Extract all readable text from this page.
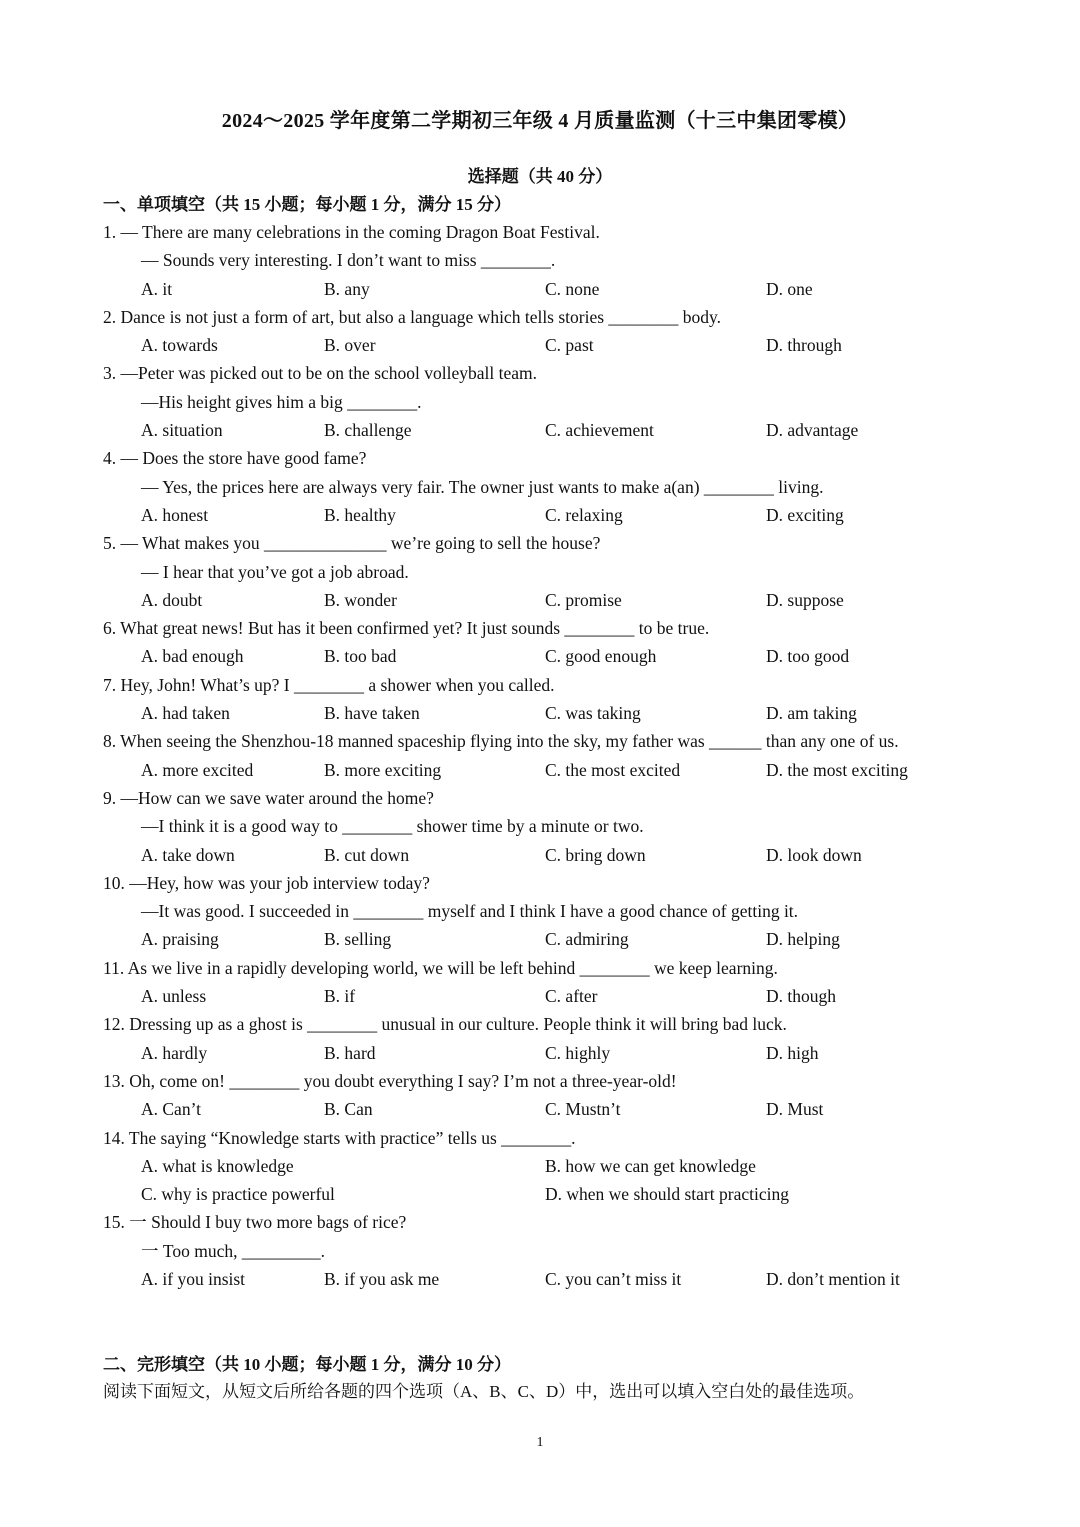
2024～2025 学年度第二学期初三年级 4 月质量监测（十三中集团零模）
选择题（共 40 分）
一、单项填空（共 15 小题；每小题 1 分，满分 15 分）
1. — There are many celebrations in the coming Dragon Boat Festival.
— Sounds very interesting. I don’t want to miss ________.
A. it	B. any	C. none	D. one
2. Dance is not just a form of art, but also a language which tells stories ________ body.
A. towards	B. over	C. past	D. through
3. —Peter was picked out to be on the school volleyball team.
—His height gives him a big ________.
A. situation	B. challenge	C. achievement	D. advantage
4. — Does the store have good fame?
— Yes, the prices here are always very fair. The owner just wants to make a(an) ________ living.
A. honest	B. healthy	C. relaxing	D. exciting
5. — What makes you ______________ we’re going to sell the house?
— I hear that you’ve got a job abroad.
A. doubt	B. wonder	C. promise	D. suppose
6. What great news! But has it been confirmed yet? It just sounds ________ to be true.
A. bad enough	B. too bad	C. good enough	D. too good
7. Hey, John! What’s up? I ________ a shower when you called.
A. had taken	B. have taken	C. was taking	D. am taking
8. When seeing the Shenzhou-18 manned spaceship flying into the sky, my father was ______ than any one of us.
A. more excited	B. more exciting	C. the most excited	D. the most exciting
9. —How can we save water around the home?
—I think it is a good way to ________ shower time by a minute or two.
A. take down	B. cut down	C. bring down	D. look down
10. —Hey, how was your job interview today?
—It was good. I succeeded in ________ myself and I think I have a good chance of getting it.
A. praising	B. selling	C. admiring	D. helping
11. As we live in a rapidly developing world, we will be left behind ________ we keep learning.
A. unless	B. if	C. after	D. though
12. Dressing up as a ghost is ________ unusual in our culture. People think it will bring bad luck.
A. hardly	B. hard	C. highly	D. high
13. Oh, come on! ________ you doubt everything I say? I’m not a three-year-old!
A. Can’t	B. Can	C. Mustn’t	D. Must
14. The saying “Knowledge starts with practice” tells us ________.
A. what is knowledge	B. how we can get knowledge
C. why is practice powerful	D. when we should start practicing
15. 一 Should I buy two more bags of rice?
一 Too much, _________.
A. if you insist	B. if you ask me	C. you can’t miss it	D. don’t mention it
二、完形填空（共 10 小题；每小题 1 分，满分 10 分）
阅读下面短文，从短文后所给各题的四个选项（A、B、C、D）中，选出可以填入空白处的最佳选项。
1
